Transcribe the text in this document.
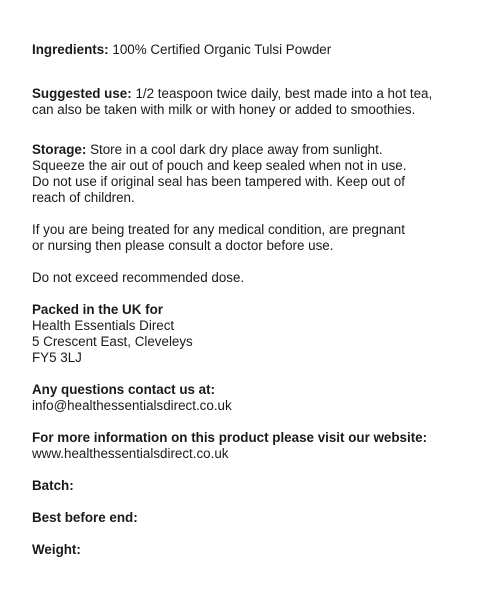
Ingredients: 100% Certified Organic Tulsi Powder

Suggested use: 1/2 teaspoon twice daily, best made into a hot tea,
can also be taken with milk or with honey or added to smoothies.

Storage: Store in a cool dark dry place away from sunlight.
Squeeze the air out of pouch and keep sealed when not in use.
Do not use if original seal has been tampered with. Keep out of
reach of children.

If you are being treated for any medical condition, are pregnant
or nursing then please consult a doctor before use.

Do not exceed recommended dose.

Packed in the UK for
Health Essentials Direct
5 Crescent East, Cleveleys
FY5 3LJ

Any questions contact us at:
info@healthessentialsdirect.co.uk

For more information on this product please visit our website:
www.healthessentialsdirect.co.uk

Batch:

Best before end:

Weight:
